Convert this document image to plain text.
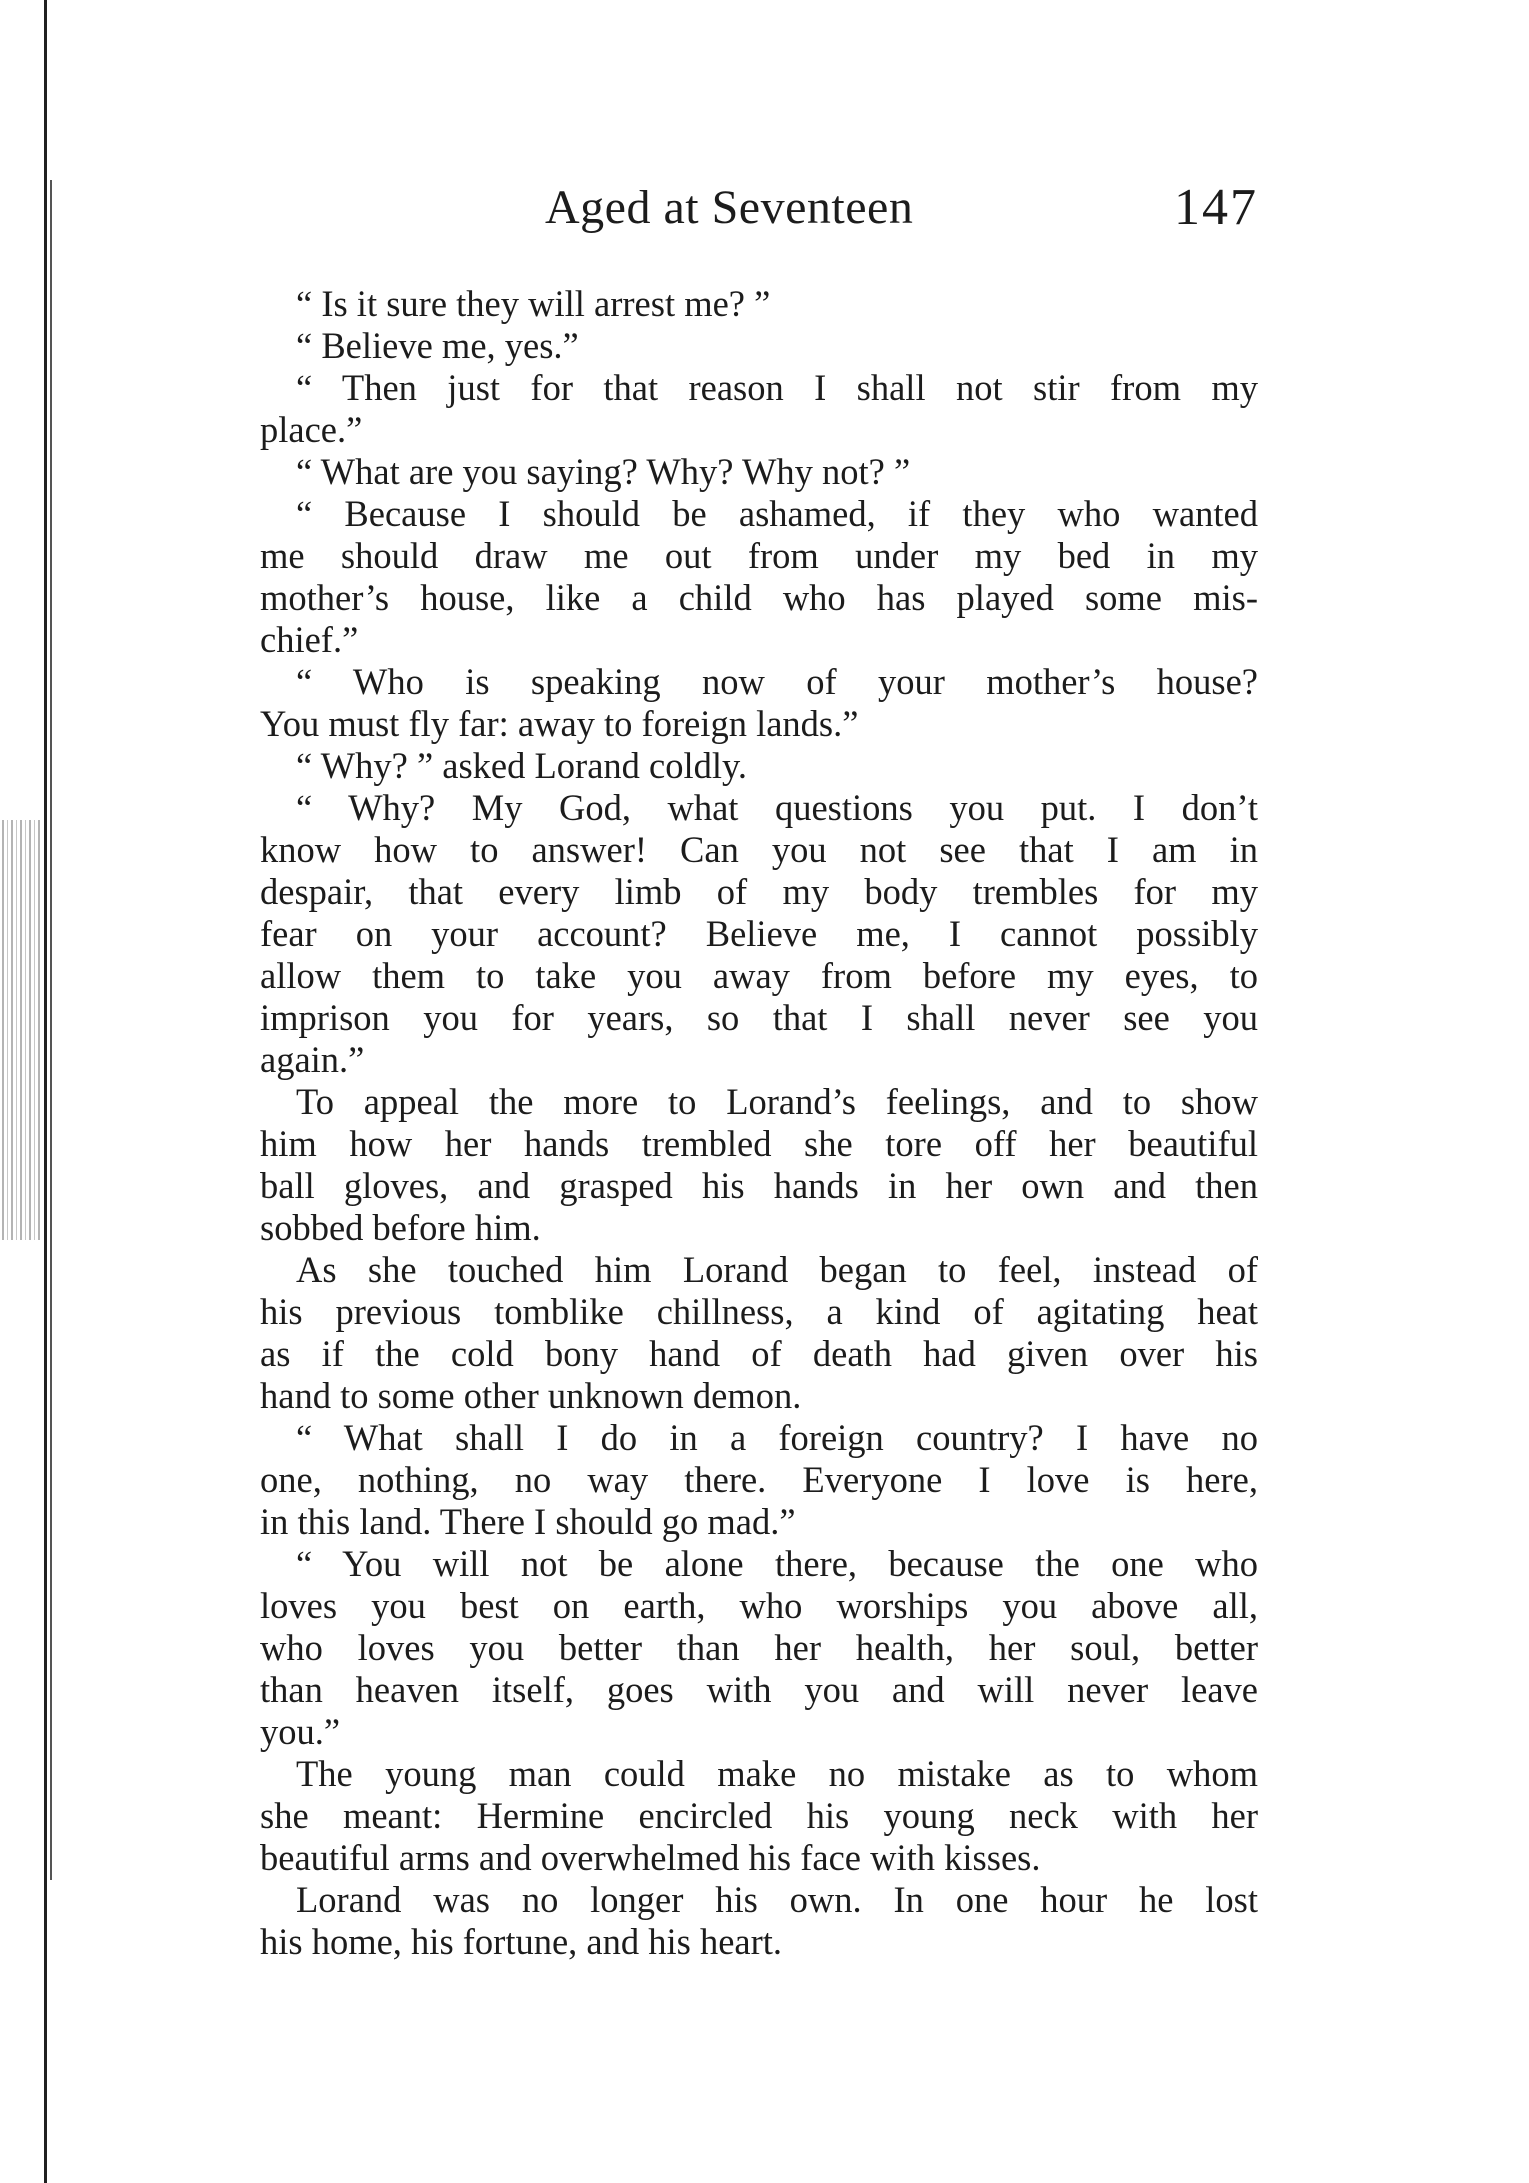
Aged at Seventeen	147
“ Is it sure they will arrest me? ”
“ Believe me, yes.”
“ Then just for that reason I shall not stir from my
place.”
“ What are you saying? Why? Why not? ”
“ Because I should be ashamed, if they who wanted
me should draw me out from under my bed in my
mother’s house, like a child who has played some mis-
chief.”
“ Who is speaking now of your mother’s house?
You must fly far: away to foreign lands.”
“ Why? ” asked Lorand coldly.
“ Why? My God, what questions you put. I don’t
know how to answer! Can you not see that I am in
despair, that every limb of my body trembles for my
fear on your account? Believe me, I cannot possibly
allow them to take you away from before my eyes, to
imprison you for years, so that I shall never see you
again.”
To appeal the more to Lorand’s feelings, and to show
him how her hands trembled she tore off her beautiful
ball gloves, and grasped his hands in her own and then
sobbed before him.
As she touched him Lorand began to feel, instead of
his previous tomblike chillness, a kind of agitating heat
as if the cold bony hand of death had given over his
hand to some other unknown demon.
“ What shall I do in a foreign country? I have no
one, nothing, no way there. Everyone I love is here,
in this land. There I should go mad.”
“ You will not be alone there, because the one who
loves you best on earth, who worships you above all,
who loves you better than her health, her soul, better
than heaven itself, goes with you and will never leave
you.”
The young man could make no mistake as to whom
she meant: Hermine encircled his young neck with her
beautiful arms and overwhelmed his face with kisses.
Lorand was no longer his own. In one hour he lost
his home, his fortune, and his heart.
